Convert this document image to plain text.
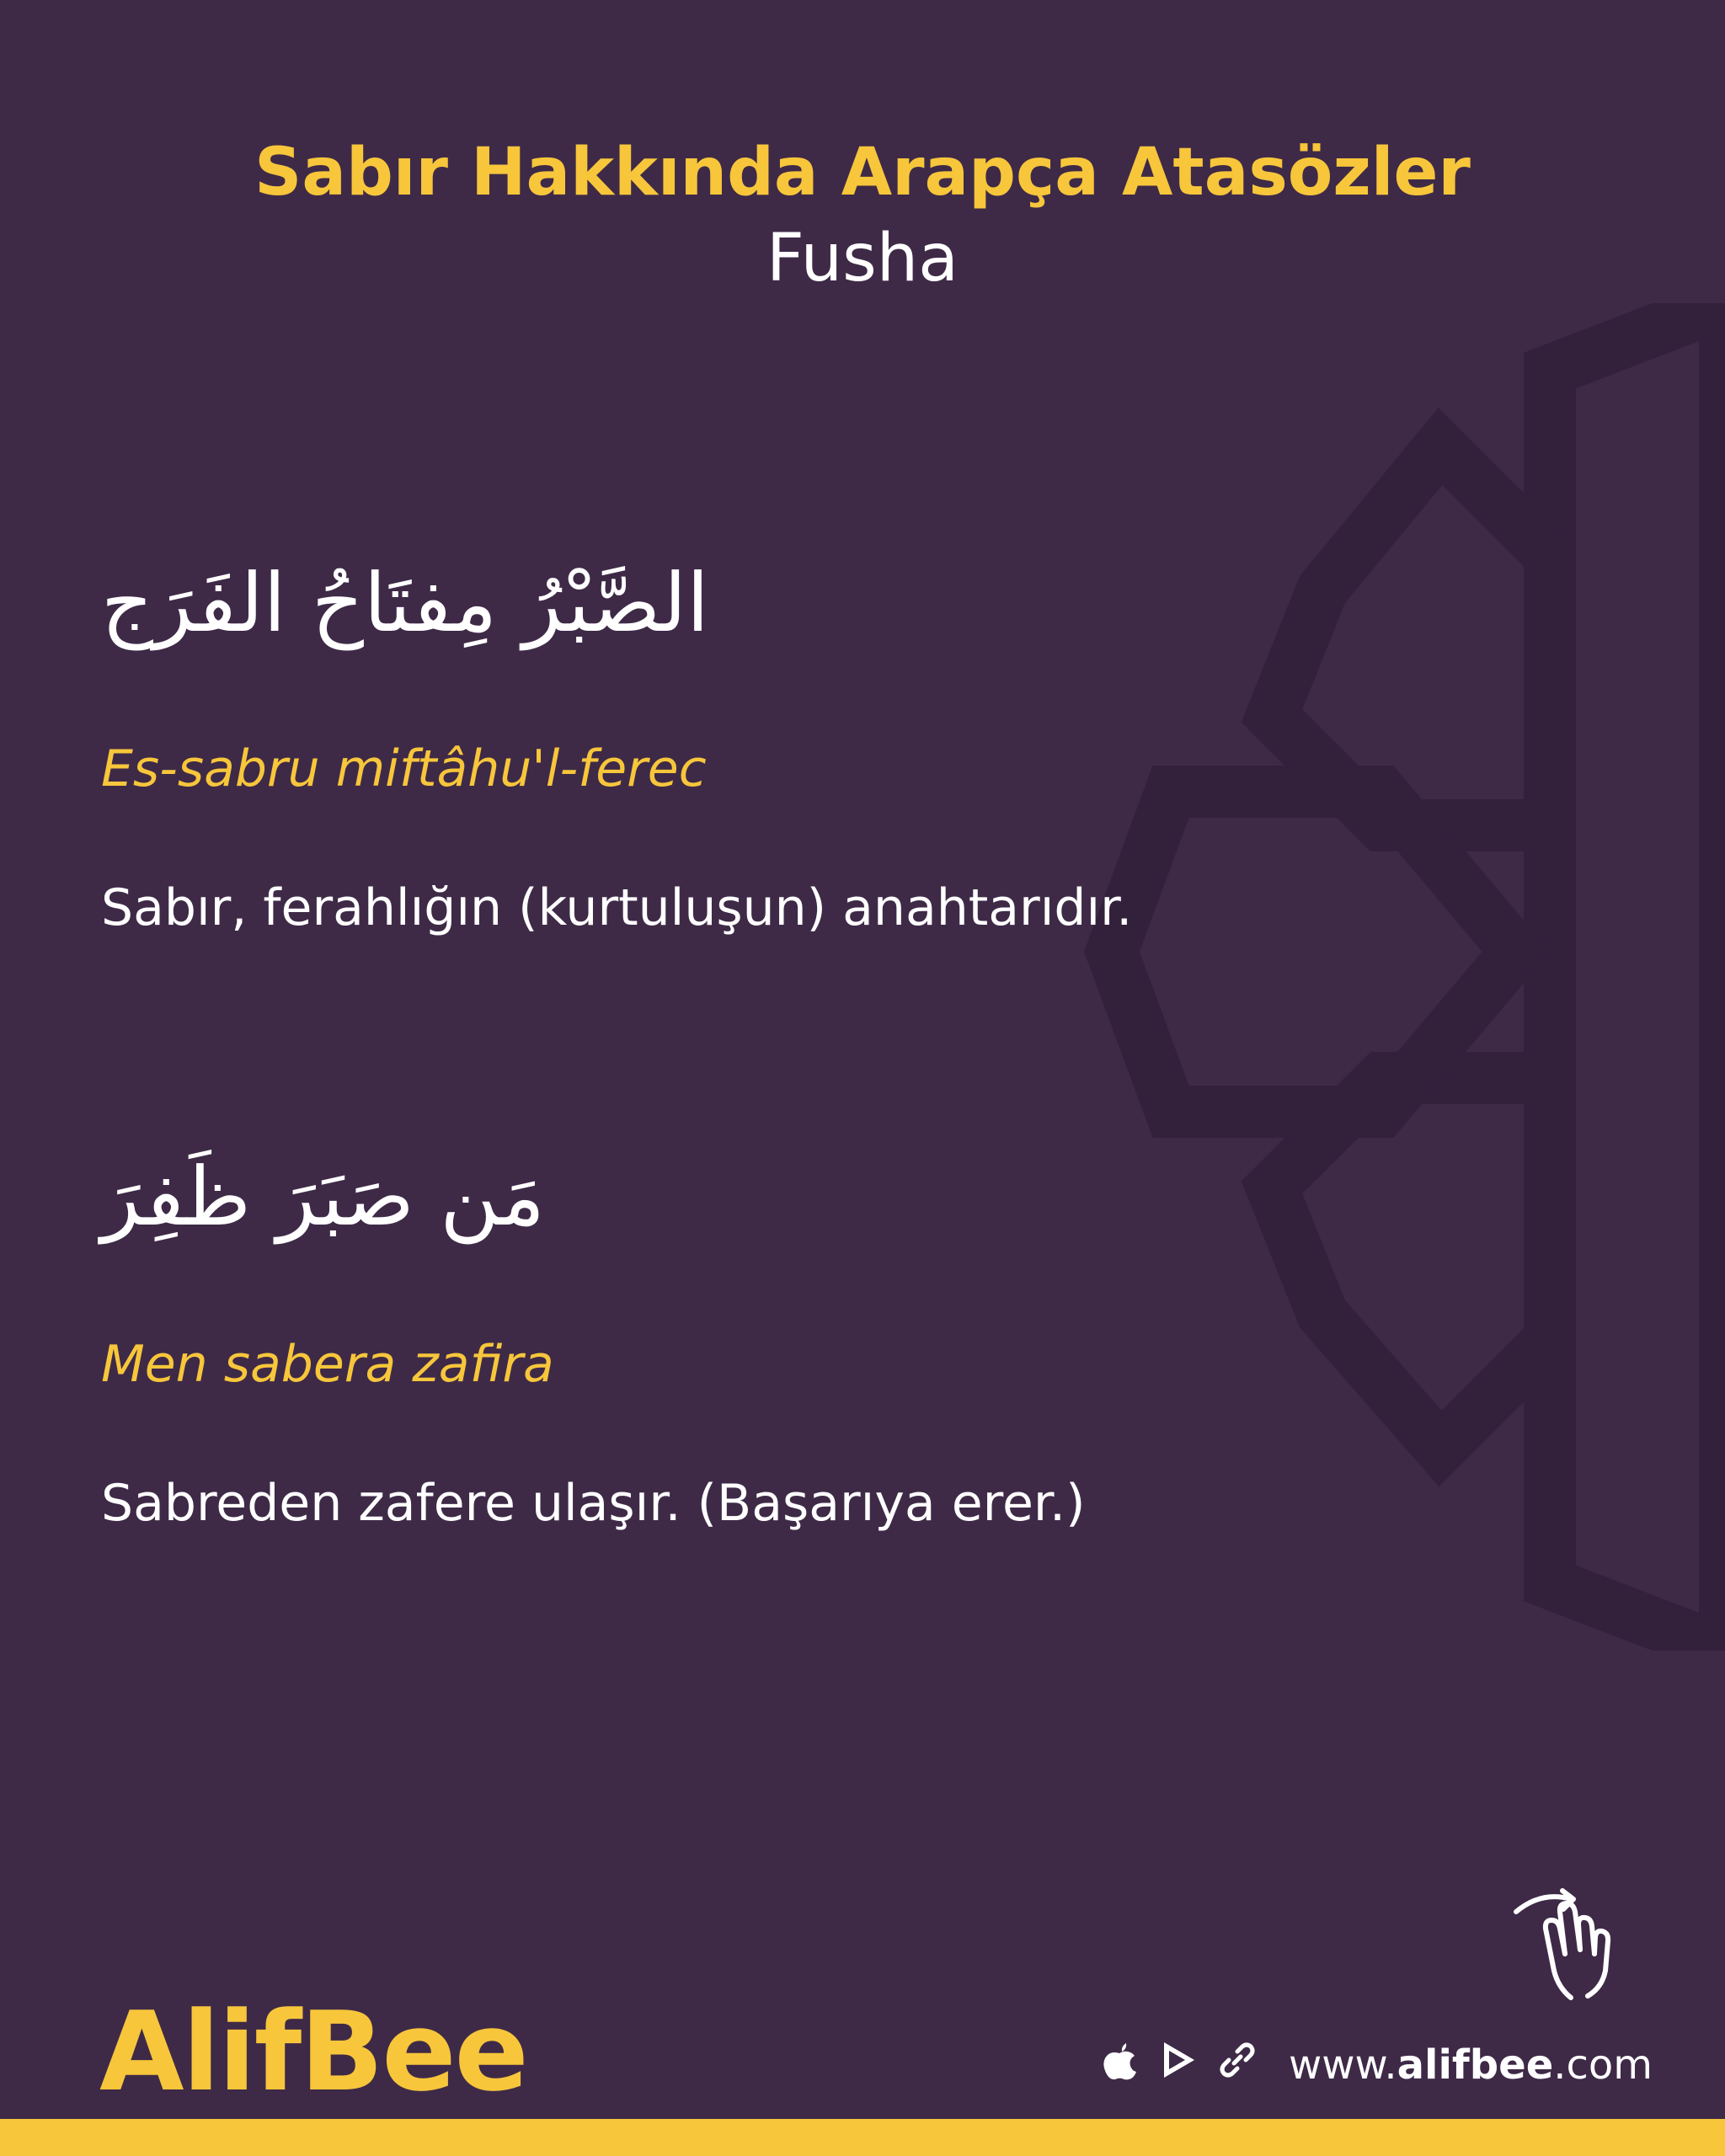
Sabır Hakkında Arapça Atasözler
Fusha
الصَّبْرُ مِفتَاحُ الفَرَج
Es-sabru miftâhu'l-ferec
Sabır, ferahlığın (kurtuluşun) anahtarıdır.
مَن صَبَرَ ظَفِرَ
Men sabera zafira
Sabreden zafere ulaşır. (Başarıya erer.)
AlifBee	www.alifbee.com
